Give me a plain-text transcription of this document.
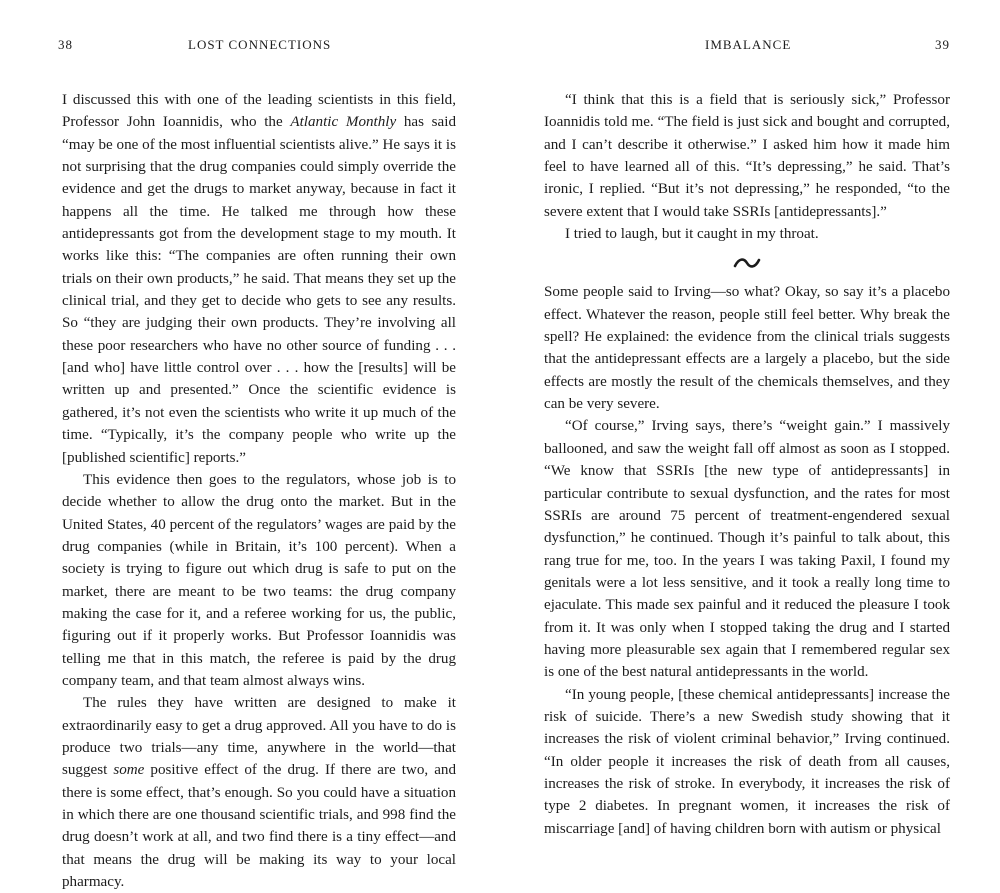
38	LOST CONNECTIONS

I discussed this with one of the leading scientists in this field, Professor John Ioannidis, who the Atlantic Monthly has said “may be one of the most influential scientists alive.” He says it is not surprising that the drug companies could simply override the evidence and get the drugs to market anyway, because in fact it happens all the time. He talked me through how these antidepressants got from the development stage to my mouth. It works like this: “The companies are often running their own trials on their own products,” he said. That means they set up the clinical trial, and they get to decide who gets to see any results. So “they are judging their own products. They’re involving all these poor researchers who have no other source of funding . . . [and who] have little control over . . . how the [results] will be written up and presented.” Once the scientific evidence is gathered, it’s not even the scientists who write it up much of the time. “Typically, it’s the company people who write up the [published scientific] reports.”

This evidence then goes to the regulators, whose job is to decide whether to allow the drug onto the market. But in the United States, 40 percent of the regulators’ wages are paid by the drug companies (while in Britain, it’s 100 percent). When a society is trying to figure out which drug is safe to put on the market, there are meant to be two teams: the drug company making the case for it, and a referee working for us, the public, figuring out if it properly works. But Professor Ioannidis was telling me that in this match, the referee is paid by the drug company team, and that team almost always wins.

The rules they have written are designed to make it extraordinarily easy to get a drug approved. All you have to do is produce two trials—any time, anywhere in the world—that suggest some positive effect of the drug. If there are two, and there is some effect, that’s enough. So you could have a situation in which there are one thousand scientific trials, and 998 find the drug doesn’t work at all, and two find there is a tiny effect—and that means the drug will be making its way to your local pharmacy.

IMBALANCE	39

“I think that this is a field that is seriously sick,” Professor Ioannidis told me. “The field is just sick and bought and corrupted, and I can’t describe it otherwise.” I asked him how it made him feel to have learned all of this. “It’s depressing,” he said. That’s ironic, I replied. “But it’s not depressing,” he responded, “to the severe extent that I would take SSRIs [antidepressants].”

I tried to laugh, but it caught in my throat.

Some people said to Irving—so what? Okay, so say it’s a placebo effect. Whatever the reason, people still feel better. Why break the spell? He explained: the evidence from the clinical trials suggests that the antidepressant effects are a largely a placebo, but the side effects are mostly the result of the chemicals themselves, and they can be very severe.

“Of course,” Irving says, there’s “weight gain.” I massively ballooned, and saw the weight fall off almost as soon as I stopped. “We know that SSRIs [the new type of antidepressants] in particular contribute to sexual dysfunction, and the rates for most SSRIs are around 75 percent of treatment-engendered sexual dysfunction,” he continued. Though it’s painful to talk about, this rang true for me, too. In the years I was taking Paxil, I found my genitals were a lot less sensitive, and it took a really long time to ejaculate. This made sex painful and it reduced the pleasure I took from it. It was only when I stopped taking the drug and I started having more pleasurable sex again that I remembered regular sex is one of the best natural antidepressants in the world.

“In young people, [these chemical antidepressants] increase the risk of suicide. There’s a new Swedish study showing that it increases the risk of violent criminal behavior,” Irving continued. “In older people it increases the risk of death from all causes, increases the risk of stroke. In everybody, it increases the risk of type 2 diabetes. In pregnant women, it increases the risk of miscarriage [and] of having children born with autism or physical
